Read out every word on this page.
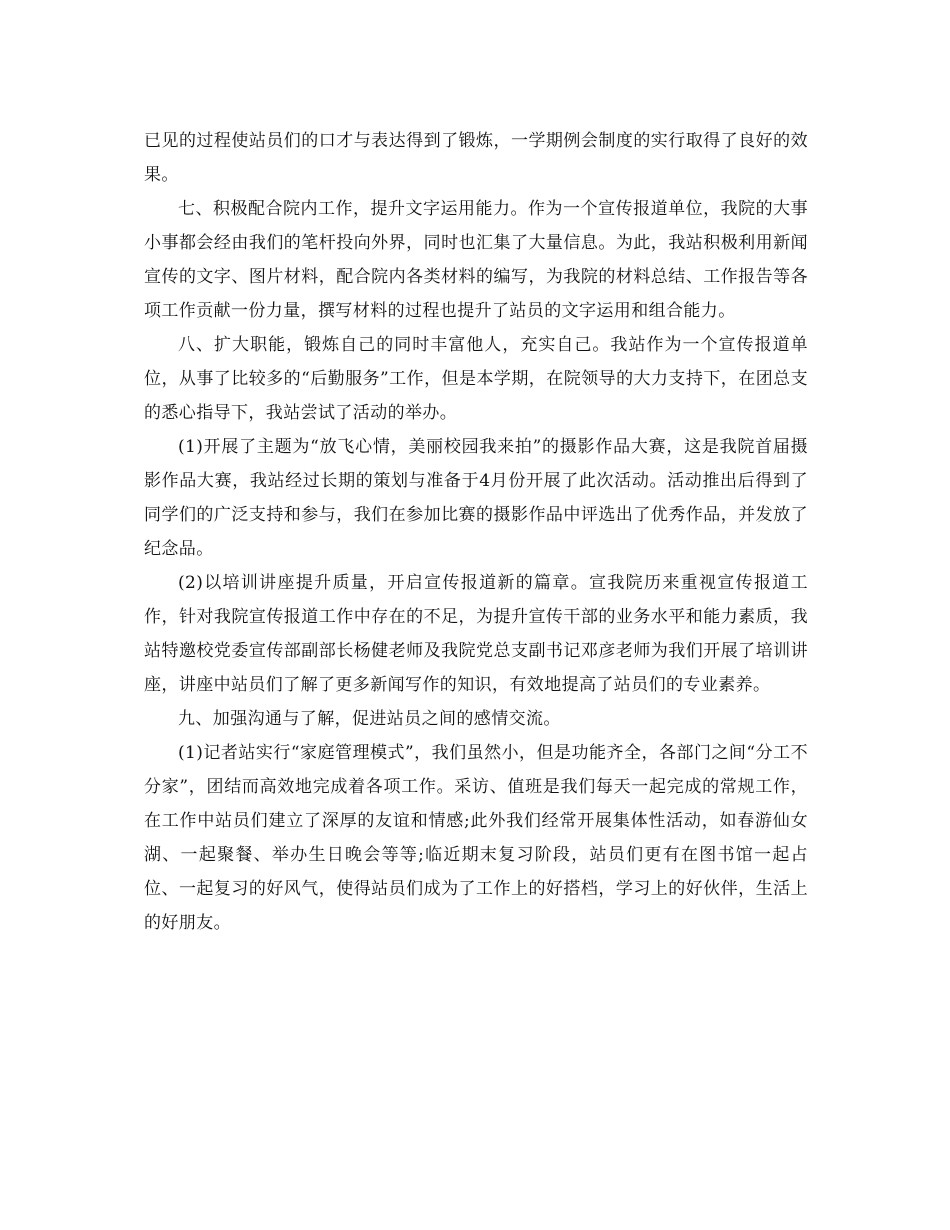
已见的过程使站员们的口才与表达得到了锻炼，一学期例会制度的实行取得了良好的效果。

七、积极配合院内工作，提升文字运用能力。作为一个宣传报道单位，我院的大事小事都会经由我们的笔杆投向外界，同时也汇集了大量信息。为此，我站积极利用新闻宣传的文字、图片材料，配合院内各类材料的编写，为我院的材料总结、工作报告等各项工作贡献一份力量，撰写材料的过程也提升了站员的文字运用和组合能力。

八、扩大职能，锻炼自己的同时丰富他人，充实自己。我站作为一个宣传报道单位，从事了比较多的“后勤服务”工作，但是本学期，在院领导的大力支持下，在团总支的悉心指导下，我站尝试了活动的举办。

(1)开展了主题为“放飞心情，美丽校园我来拍”的摄影作品大赛，这是我院首届摄影作品大赛，我站经过长期的策划与准备于4月份开展了此次活动。活动推出后得到了同学们的广泛支持和参与，我们在参加比赛的摄影作品中评选出了优秀作品，并发放了纪念品。

(2)以培训讲座提升质量，开启宣传报道新的篇章。宣我院历来重视宣传报道工作，针对我院宣传报道工作中存在的不足，为提升宣传干部的业务水平和能力素质，我站特邀校党委宣传部副部长杨健老师及我院党总支副书记邓彦老师为我们开展了培训讲座，讲座中站员们了解了更多新闻写作的知识，有效地提高了站员们的专业素养。

九、加强沟通与了解，促进站员之间的感情交流。

(1)记者站实行“家庭管理模式”，我们虽然小，但是功能齐全，各部门之间“分工不分家”，团结而高效地完成着各项工作。采访、值班是我们每天一起完成的常规工作，在工作中站员们建立了深厚的友谊和情感;此外我们经常开展集体性活动，如春游仙女湖、一起聚餐、举办生日晚会等等;临近期末复习阶段，站员们更有在图书馆一起占位、一起复习的好风气，使得站员们成为了工作上的好搭档，学习上的好伙伴，生活上的好朋友。
